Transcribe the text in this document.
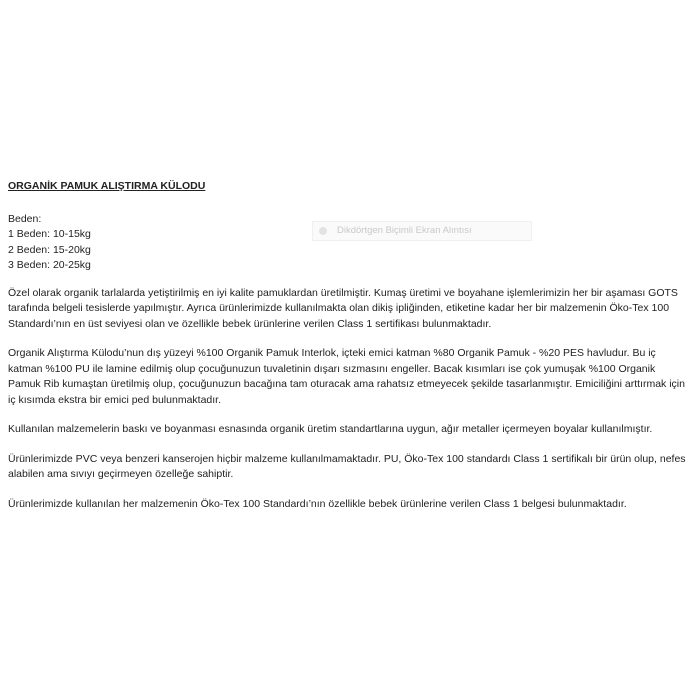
ORGANİK PAMUK ALIŞTIRMA KÜLODU
Beden:
1 Beden: 10-15kg
2 Beden: 15-20kg
3 Beden: 20-25kg

Özel olarak organik tarlalarda yetiştirilmiş en iyi kalite pamuklardan üretilmiştir. Kumaş üretimi ve boyahane işlemlerimizin her bir aşaması GOTS tarafında belgeli tesislerde yapılmıştır. Ayrıca ürünlerimizde kullanılmakta olan dikiş ipliğinden, etiketine kadar her bir malzemenin Öko-Tex 100 Standardı’nın en üst seviyesi olan ve özellikle bebek ürünlerine verilen Class 1 sertifikası bulunmaktadır.

Organik Alıştırma Külodu’nun dış yüzeyi %100 Organik Pamuk Interlok, içteki emici katman %80 Organik Pamuk - %20 PES havludur. Bu iç katman %100 PU ile lamine edilmiş olup çocuğunuzun tuvaletinin dışarı sızmasını engeller. Bacak kısımları ise çok yumuşak %100 Organik Pamuk Rib kumaştan üretilmiş olup, çocuğunuzun bacağına tam oturacak ama rahatsız etmeyecek şekilde tasarlanmıştır. Emiciliğini arttırmak için iç kısımda ekstra bir emici ped bulunmaktadır.

Kullanılan malzemelerin baskı ve boyanması esnasında organik üretim standartlarına uygun, ağır metaller içermeyen boyalar kullanılmıştır.

Ürünlerimizde PVC veya benzeri kanserojen hiçbir malzeme kullanılmamaktadır. PU, Öko-Tex 100 standardı Class 1 sertifikalı bir ürün olup, nefes alabilen ama sıvıyı geçirmeyen özelleğe sahiptir.

Ürünlerimizde kullanılan her malzemenin Öko-Tex 100 Standardı’nın özellikle bebek ürünlerine verilen Class 1 belgesi bulunmaktadır.

Dikdörtgen Biçimli Ekran Alıntısı
